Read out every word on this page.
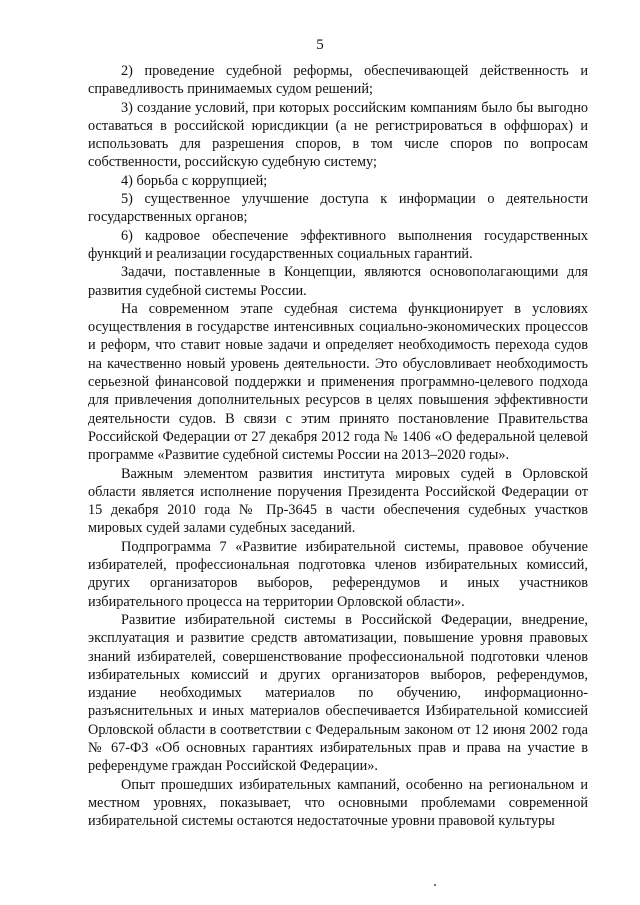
5

2) проведение судебной реформы, обеспечивающей действенность и справедливость принимаемых судом решений;

3) создание условий, при которых российским компаниям было бы выгодно оставаться в российской юрисдикции (а не регистрироваться в оффшорах) и использовать для разрешения споров, в том числе споров по вопросам собственности, российскую судебную систему;

4) борьба с коррупцией;

5) существенное улучшение доступа к информации о деятельности государственных органов;

6) кадровое обеспечение эффективного выполнения государственных функций и реализации государственных социальных гарантий.

Задачи, поставленные в Концепции, являются основополагающими для развития судебной системы России.

На современном этапе судебная система функционирует в условиях осуществления в государстве интенсивных социально-экономических процессов и реформ, что ставит новые задачи и определяет необходимость перехода судов на качественно новый уровень деятельности. Это обусловливает необходимость серьезной финансовой поддержки и применения программно-целевого подхода для привлечения дополнительных ресурсов в целях повышения эффективности деятельности судов. В связи с этим принято постановление Правительства Российской Федерации от 27 декабря 2012 года № 1406 «О федеральной целевой программе «Развитие судебной системы России на 2013–2020 годы».

Важным элементом развития института мировых судей в Орловской области является исполнение поручения Президента Российской Федерации от 15 декабря 2010 года № Пр-3645 в части обеспечения судебных участков мировых судей залами судебных заседаний.

Подпрограмма 7 «Развитие избирательной системы, правовое обучение избирателей, профессиональная подготовка членов избирательных комиссий, других организаторов выборов, референдумов и иных участников избирательного процесса на территории Орловской области».

Развитие избирательной системы в Российской Федерации, внедрение, эксплуатация и развитие средств автоматизации, повышение уровня правовых знаний избирателей, совершенствование профессиональной подготовки членов избирательных комиссий и других организаторов выборов, референдумов, издание необходимых материалов по обучению, информационно-разъяснительных и иных материалов обеспечивается Избирательной комиссией Орловской области в соответствии с Федеральным законом от 12 июня 2002 года № 67-ФЗ «Об основных гарантиях избирательных прав и права на участие в референдуме граждан Российской Федерации».

Опыт прошедших избирательных кампаний, особенно на региональном и местном уровнях, показывает, что основными проблемами современной избирательной системы остаются недостаточные уровни правовой культуры
